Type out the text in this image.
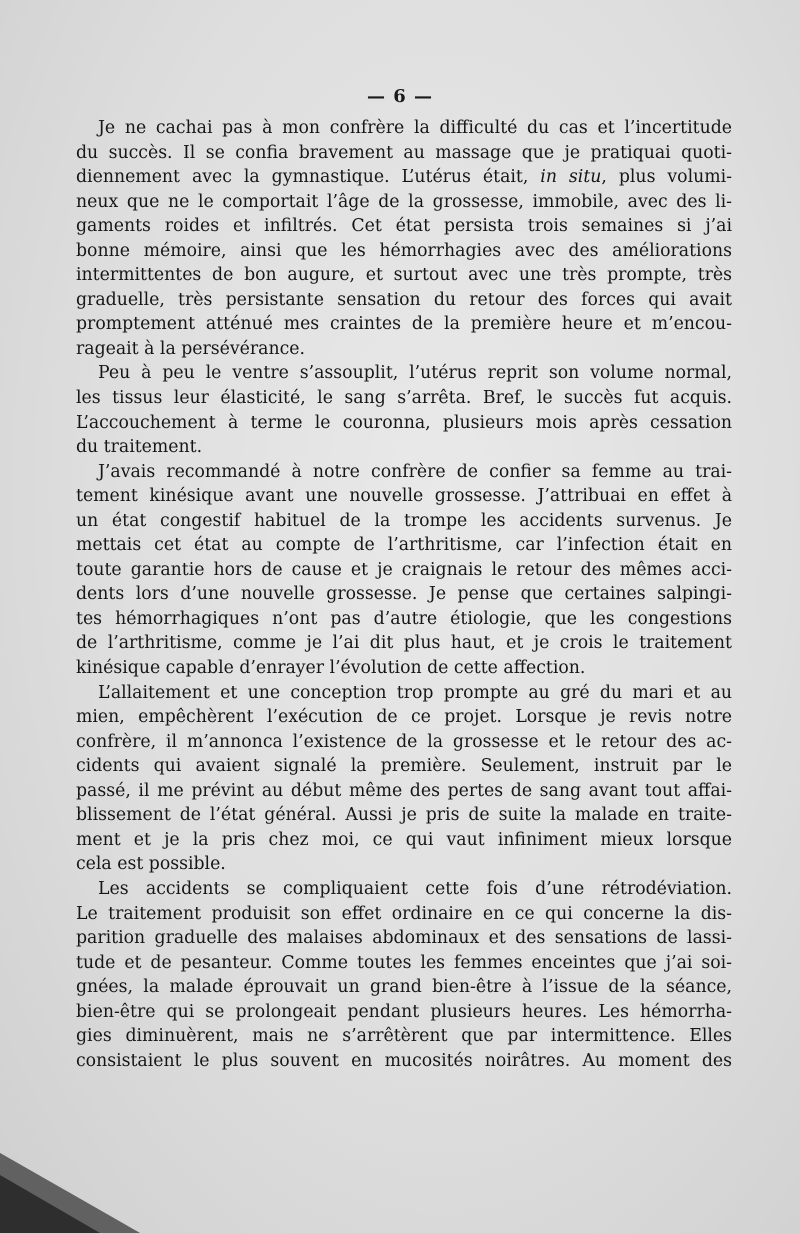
— 6 —
Je ne cachai pas à mon confrère la difficulté du cas et l’incertitude
du succès. Il se confia bravement au massage que je pratiquai quoti-
diennement avec la gymnastique. L’utérus était, in situ, plus volumi-
neux que ne le comportait l’âge de la grossesse, immobile, avec des li-
gaments roides et infiltrés. Cet état persista trois semaines si j’ai
bonne mémoire, ainsi que les hémorrhagies avec des améliorations
intermittentes de bon augure, et surtout avec une très prompte, très
graduelle, très persistante sensation du retour des forces qui avait
promptement atténué mes craintes de la première heure et m’encou-
rageait à la persévérance.
Peu à peu le ventre s’assouplit, l’utérus reprit son volume normal,
les tissus leur élasticité, le sang s’arrêta. Bref, le succès fut acquis.
L’accouchement à terme le couronna, plusieurs mois après cessation
du traitement.
J’avais recommandé à notre confrère de confier sa femme au trai-
tement kinésique avant une nouvelle grossesse. J’attribuai en effet à
un état congestif habituel de la trompe les accidents survenus. Je
mettais cet état au compte de l’arthritisme, car l’infection était en
toute garantie hors de cause et je craignais le retour des mêmes acci-
dents lors d’une nouvelle grossesse. Je pense que certaines salpingi-
tes hémorrhagiques n’ont pas d’autre étiologie, que les congestions
de l’arthritisme, comme je l’ai dit plus haut, et je crois le traitement
kinésique capable d’enrayer l’évolution de cette affection.
L’allaitement et une conception trop prompte au gré du mari et au
mien, empêchèrent l’exécution de ce projet. Lorsque je revis notre
confrère, il m’annonca l’existence de la grossesse et le retour des ac-
cidents qui avaient signalé la première. Seulement, instruit par le
passé, il me prévint au début même des pertes de sang avant tout affai-
blissement de l’état général. Aussi je pris de suite la malade en traite-
ment et je la pris chez moi, ce qui vaut infiniment mieux lorsque
cela est possible.
Les accidents se compliquaient cette fois d’une rétrodéviation.
Le traitement produisit son effet ordinaire en ce qui concerne la dis-
parition graduelle des malaises abdominaux et des sensations de lassi-
tude et de pesanteur. Comme toutes les femmes enceintes que j’ai soi-
gnées, la malade éprouvait un grand bien-être à l’issue de la séance,
bien-être qui se prolongeait pendant plusieurs heures. Les hémorrha-
gies diminuèrent, mais ne s’arrêtèrent que par intermittence. Elles
consistaient le plus souvent en mucosités noirâtres. Au moment des
